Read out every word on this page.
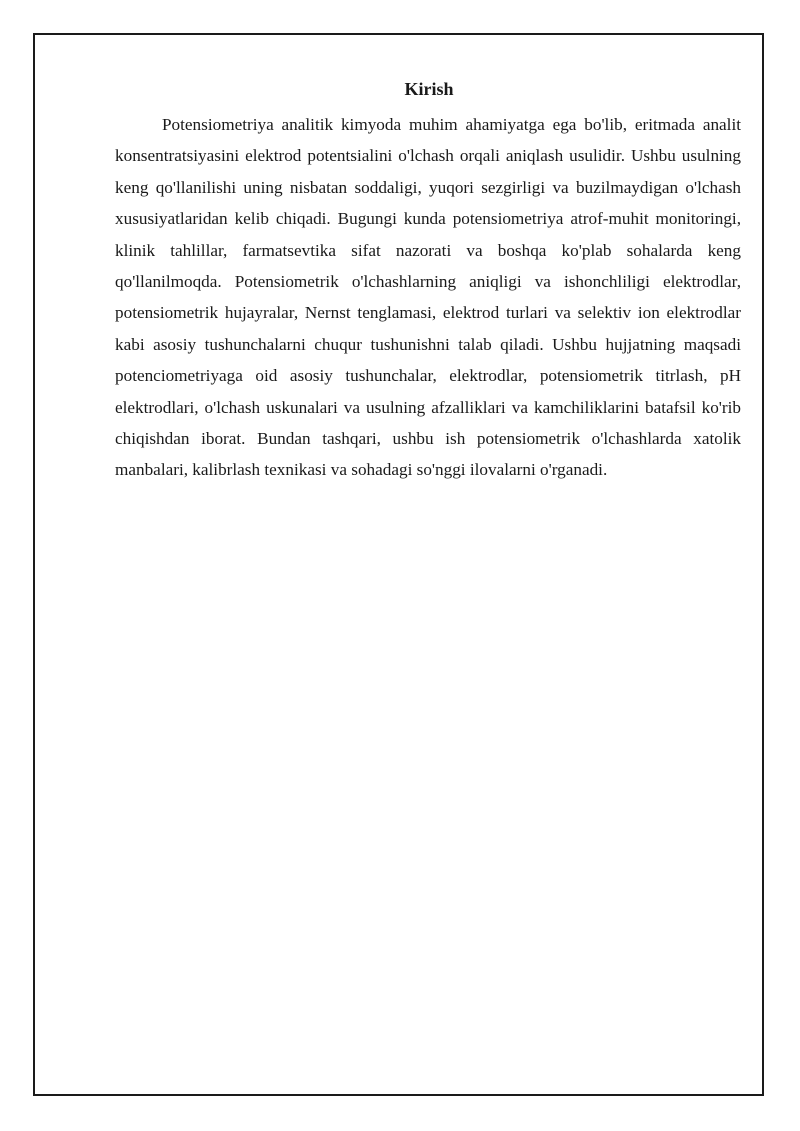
Kirish

Potensiometriya analitik kimyoda muhim ahamiyatga ega bo'lib, eritmada analit konsentratsiyasini elektrod potentsialini o'lchash orqali aniqlash usulidir. Ushbu usulning keng qo'llanilishi uning nisbatan soddaligi, yuqori sezgirligi va buzilmaydigan o'lchash xususiyatlaridan kelib chiqadi. Bugungi kunda potensiometriya atrof-muhit monitoringi, klinik tahlillar, farmatsevtika sifat nazorati va boshqa ko'plab sohalarda keng qo'llanilmoqda. Potensiometrik o'lchashlarning aniqligi va ishonchliligi elektrodlar, potensiometrik hujayralar, Nernst tenglamasi, elektrod turlari va selektiv ion elektrodlar kabi asosiy tushunchalarni chuqur tushunishni talab qiladi. Ushbu hujjatning maqsadi potenciometriyaga oid asosiy tushunchalar, elektrodlar, potensiometrik titrlash, pH elektrodlari, o'lchash uskunalari va usulning afzalliklari va kamchiliklarini batafsil ko'rib chiqishdan iborat. Bundan tashqari, ushbu ish potensiometrik o'lchashlarda xatolik manbalari, kalibrlash texnikasi va sohadagi so'nggi ilovalarni o'rganadi.
